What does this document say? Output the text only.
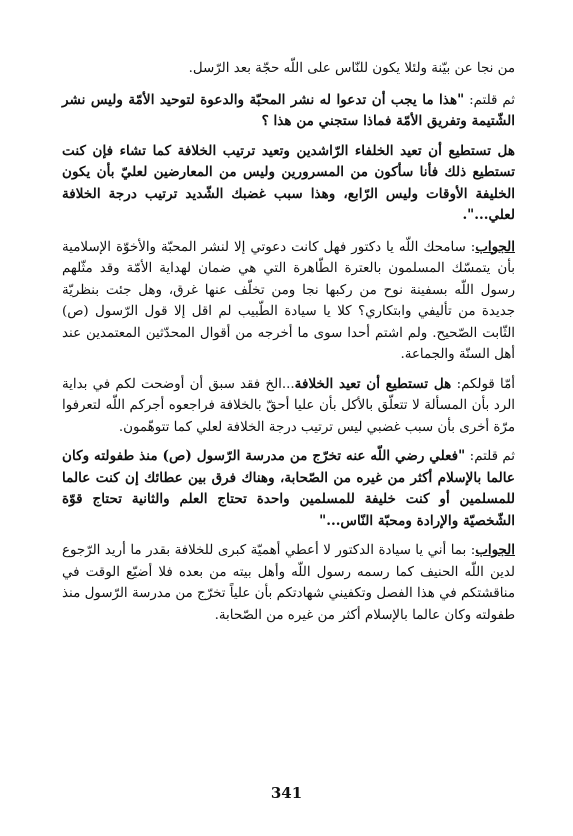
من نجا عن بيّنة ولئلا يكون للنّاس على اللّه حجّة بعد الرّسل.

ثم قلتم: "هذا ما يجب أن تدعوا له نشر المحبّة والدعوة لتوحيد الأمّة وليس نشر الشّتيمة وتفريق الأمّة فماذا ستجني من هذا ؟

هل تستطيع أن تعيد الخلفاء الرّاشدين وتعيد ترتيب الخلافة كما تشاء فإن كنت تستطيع ذلك فأنا سأكون من المسرورين وليس من المعارضين لعليّ بأن يكون الخليفة الأوقات وليس الرّابع، وهذا سبب غضبك الشّديد ترتيب درجة الخلافة لعلي...".

الجواب: سامحك اللّه يا دكتور فهل كانت دعوتي إلا لنشر المحبّة والأخوّة الإسلامية بأن يتمسّك المسلمون بالعترة الطّاهرة التي هي ضمان لهداية الأمّة وقد مثّلهم رسول اللّه بسفينة نوح من ركبها نجا ومن تخلّف عنها غرق، وهل جئت بنظريّة جديدة من تأليفي وابتكاري؟ كلا يا سيادة الطّبيب لم اقل إلا قول الرّسول (ص) الثّابت الصّحيح. ولم اشتم أحدا سوى ما أخرجه من أقوال المحدّثين المعتمدين عند أهل السنّة والجماعة.

أمّا قولكم: هل تستطيع أن تعيد الخلافة...الخ فقد سبق أن أوضحت لكم في بداية الرد بأن المسألة لا تتعلّق بالأكل بأن عليا أحقّ بالخلافة فراجعوه أجركم اللّه لتعرفوا مرّة أخرى بأن سبب غضبي ليس ترتيب درجة الخلافة لعلي كما تتوهّمون.

ثم قلتم: "فعلي رضي اللّه عنه تخرّج من مدرسة الرّسول (ص) منذ طفولته وكان عالما بالإسلام أكثر من غيره من الصّحابة، وهناك فرق بين عطائك إن كنت عالما للمسلمين أو كنت خليفة للمسلمين واحدة تحتاج العلم والثانية تحتاج قوّة الشّخصيّة والإرادة ومحبّة النّاس..."

الجواب: بما أني يا سيادة الدكتور لا أعطي أهميّة كبرى للخلافة بقدر ما أريد الرّجوع لدين اللّه الحنيف كما رسمه رسول اللّه وأهل بيته من بعده فلا أضيّع الوقت في مناقشتكم في هذا الفصل وتكفيني شهادتكم بأن علياً تخرّج من مدرسة الرّسول منذ طفولته وكان عالما بالإسلام أكثر من غيره من الصّحابة.

341
